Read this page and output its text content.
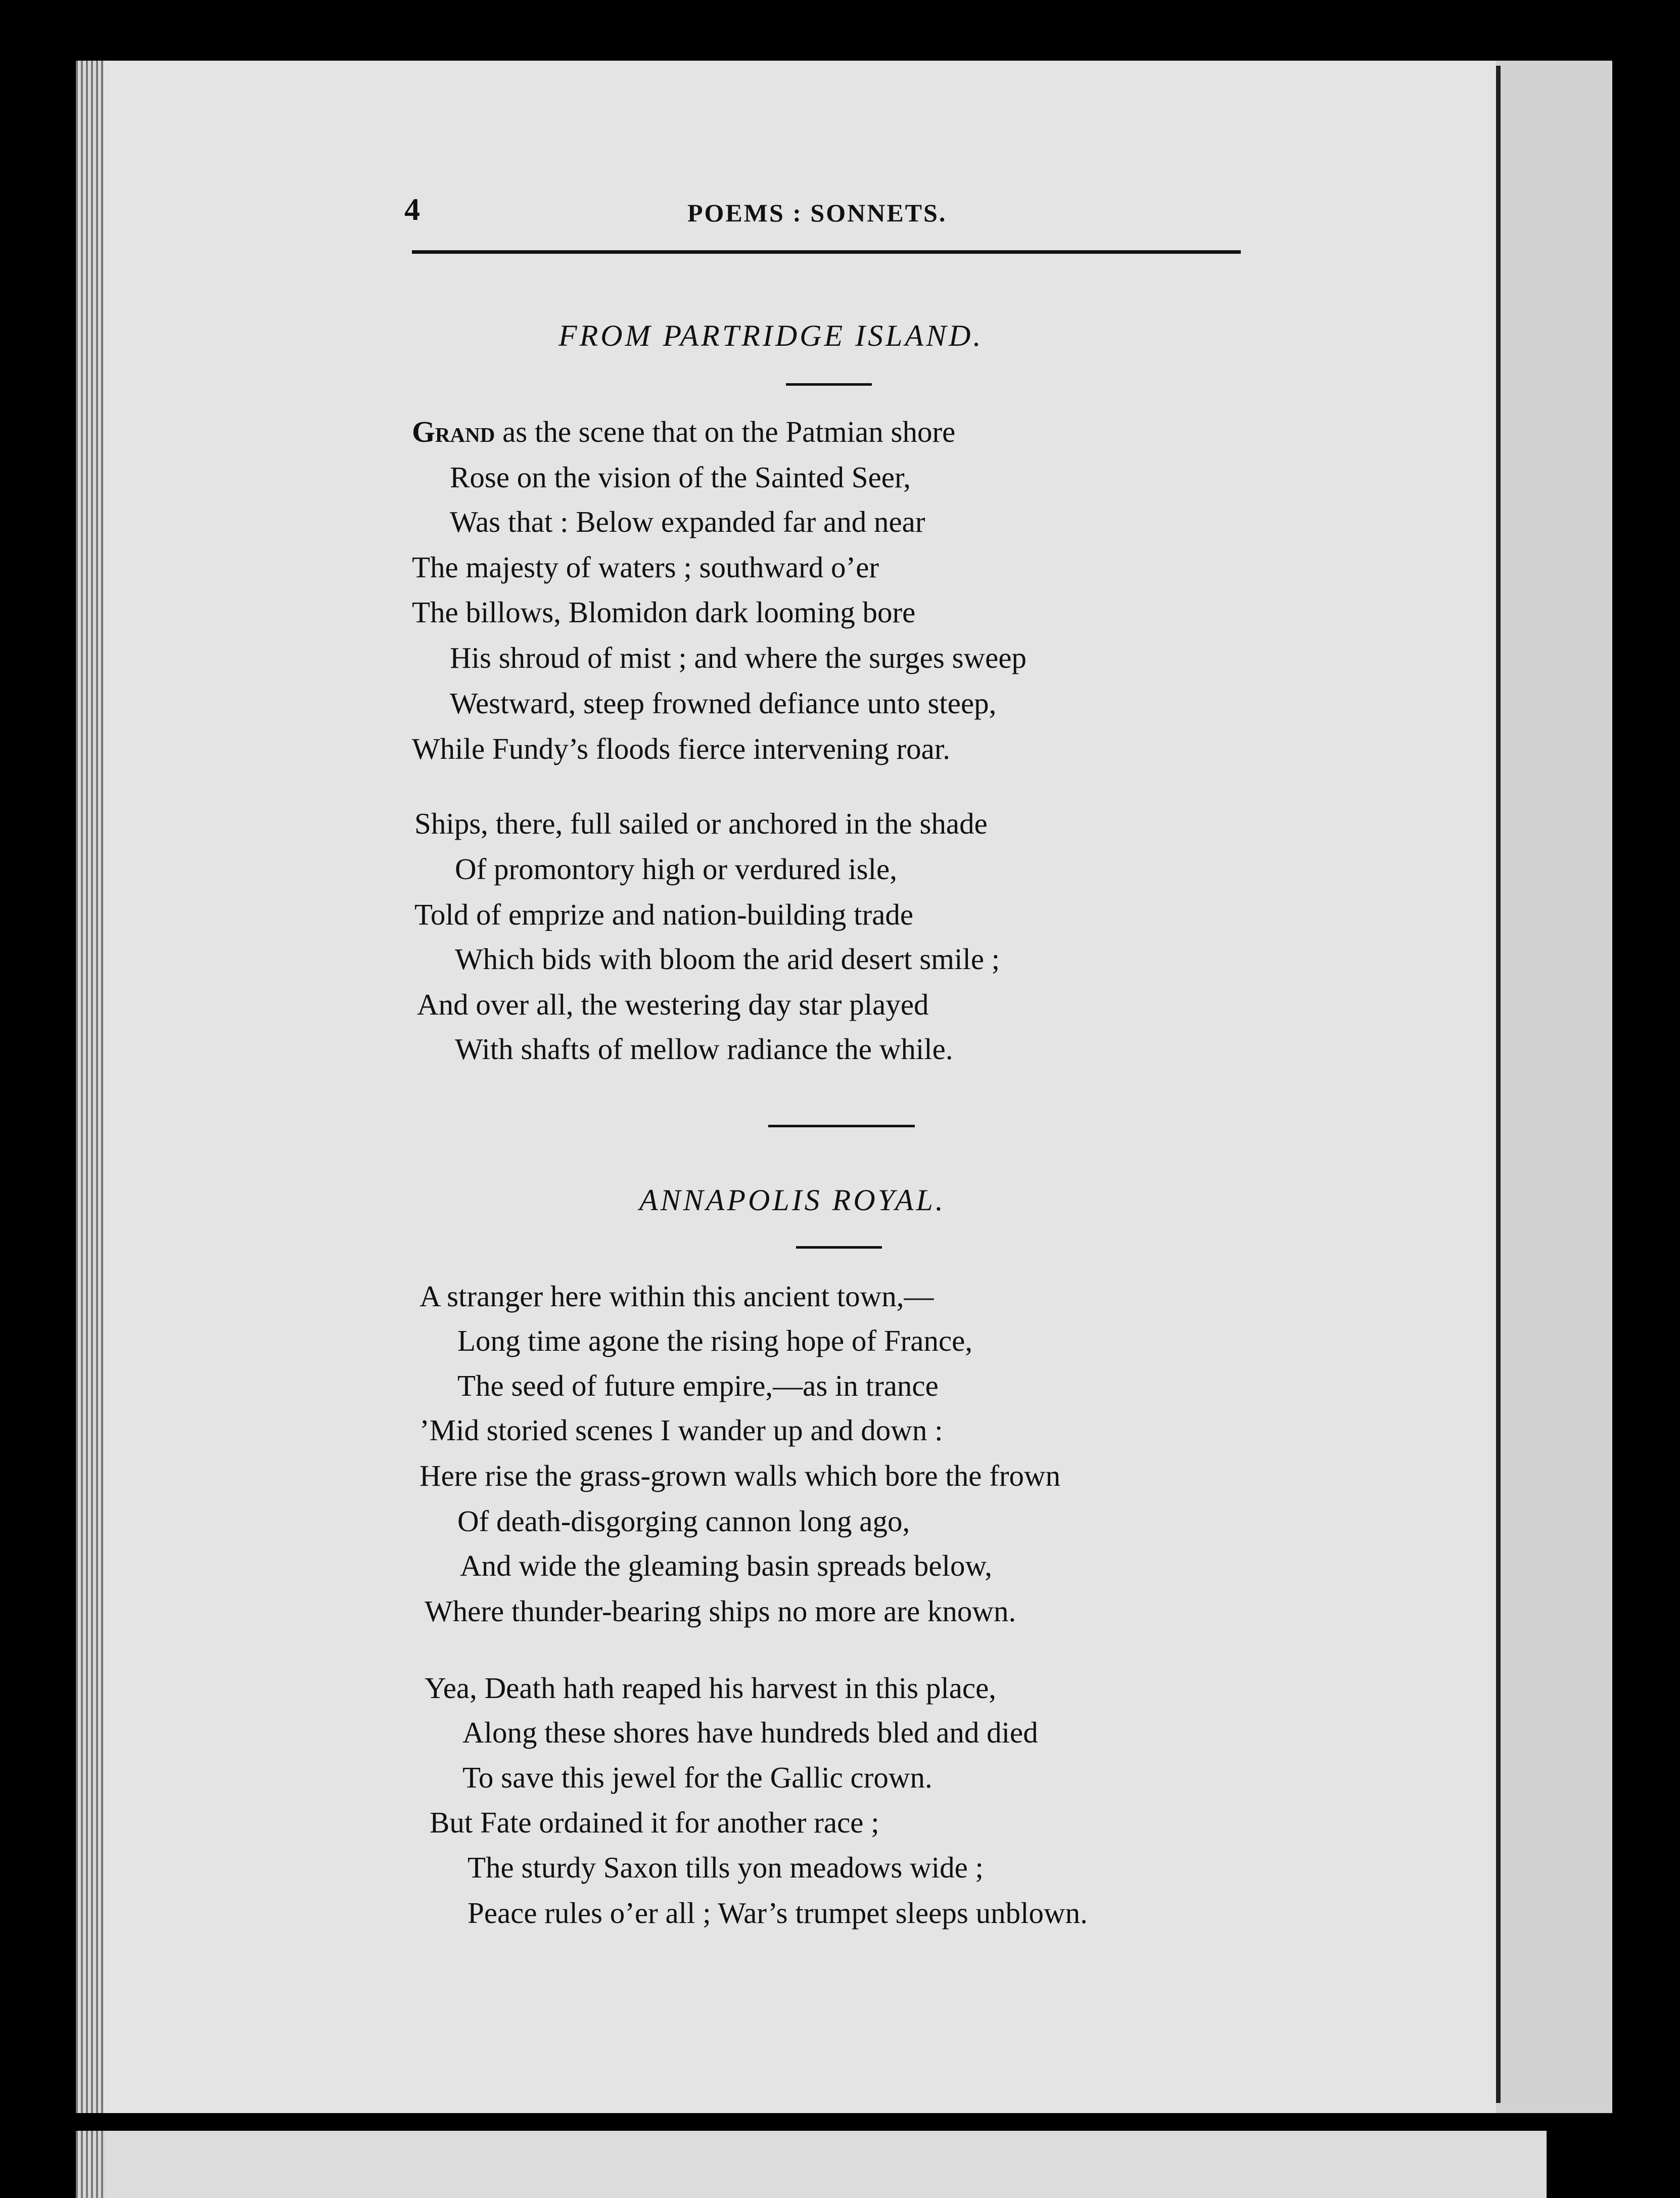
4	POEMS : SONNETS.
FROM PARTRIDGE ISLAND.
Grand as the scene that on the Patmian shore
Rose on the vision of the Sainted Seer,
Was that : Below expanded far and near
The majesty of waters ; southward o’er
The billows, Blomidon dark looming bore
His shroud of mist ; and where the surges sweep
Westward, steep frowned defiance unto steep,
While Fundy’s floods fierce intervening roar.
Ships, there, full sailed or anchored in the shade
Of promontory high or verdured isle,
Told of emprize and nation-building trade
Which bids with bloom the arid desert smile ;
And over all, the westering day star played
With shafts of mellow radiance the while.
ANNAPOLIS ROYAL.
A stranger here within this ancient town,—
Long time agone the rising hope of France,
The seed of future empire,—as in trance
’Mid storied scenes I wander up and down :
Here rise the grass-grown walls which bore the frown
Of death-disgorging cannon long ago,
And wide the gleaming basin spreads below,
Where thunder-bearing ships no more are known.
Yea, Death hath reaped his harvest in this place,
Along these shores have hundreds bled and died
To save this jewel for the Gallic crown.
But Fate ordained it for another race ;
The sturdy Saxon tills yon meadows wide ;
Peace rules o’er all ; War’s trumpet sleeps unblown.
